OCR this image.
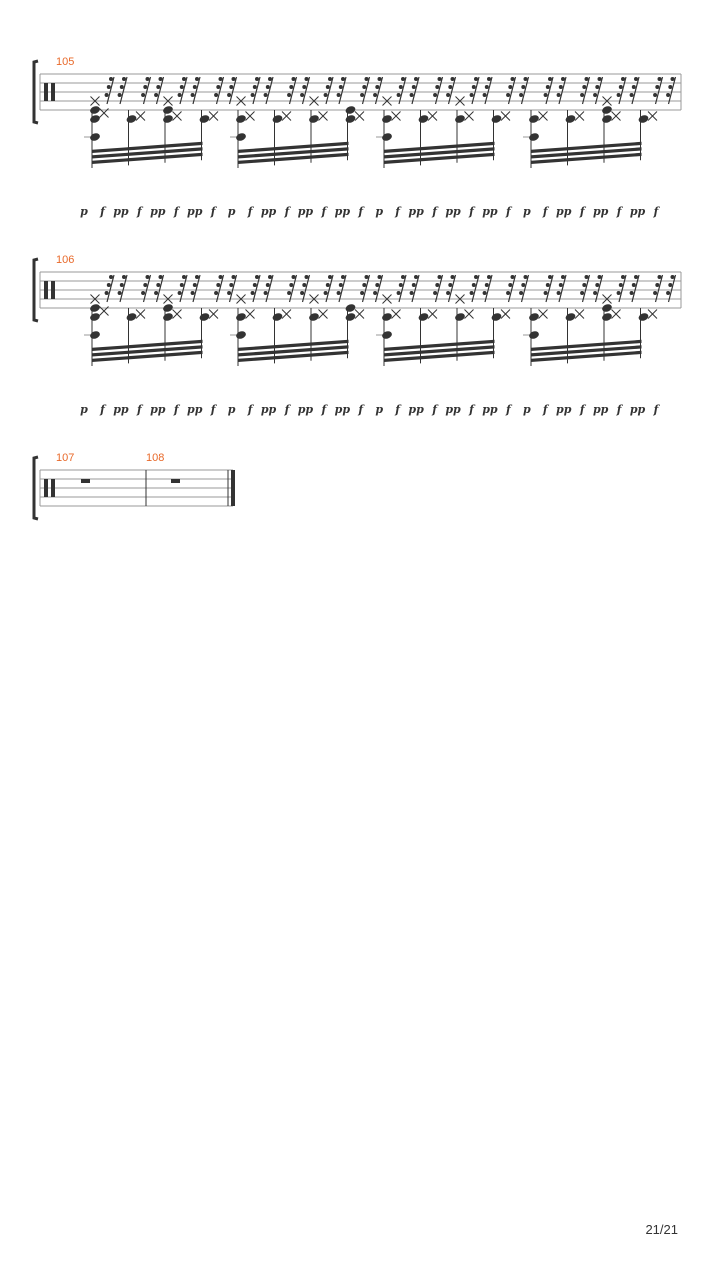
105
p f pp f pp f pp f p f pp f pp f pp f p f pp f pp f pp f p f pp f pp f pp f
106
p f pp f pp f pp f p f pp f pp f pp f p f pp f pp f pp f p f pp f pp f pp f
107	108
21/21
